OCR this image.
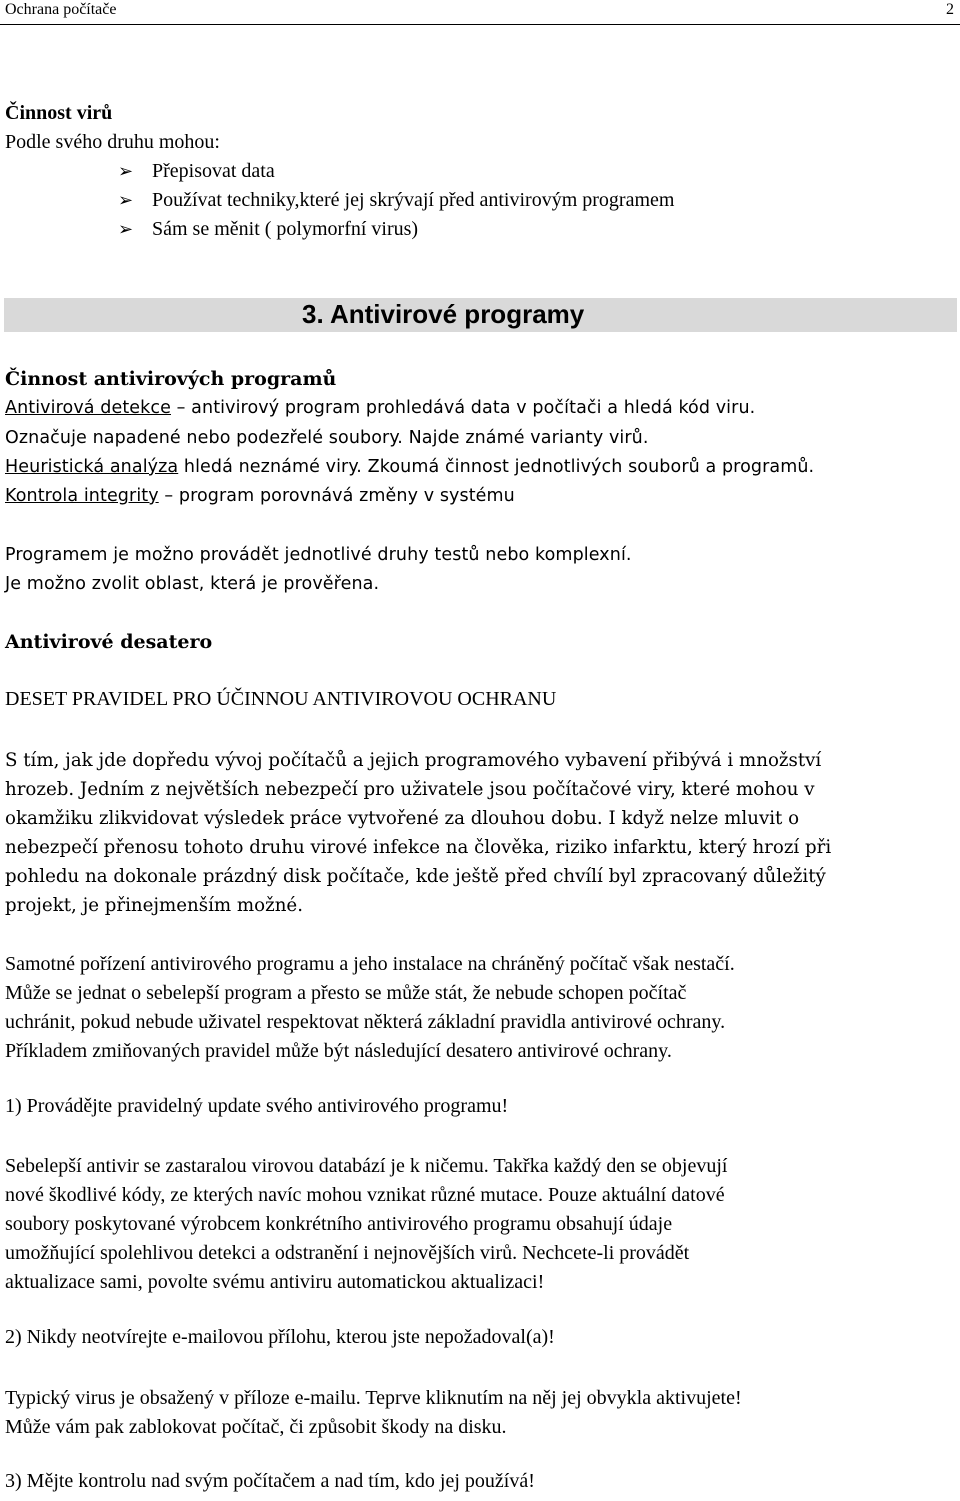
Ochrana počítače	2
Činnost virů
Podle svého druhu mohou:
➢ Přepisovat data
➢ Používat techniky,které jej skrývají před antivirovým programem
➢ Sám se měnit ( polymorfní virus)
3. Antivirové programy
Činnost antivirových programů
Antivirová detekce – antivirový program prohledává data v počítači a hledá kód viru.
Označuje napadené nebo podezřelé soubory. Najde známé varianty virů.
Heuristická analýza hledá neznámé viry. Zkoumá činnost jednotlivých souborů a programů.
Kontrola integrity – program porovnává změny v systému
Programem je možno provádět jednotlivé druhy testů nebo komplexní.
Je možno zvolit oblast, která je prověřena.
Antivirové desatero
DESET PRAVIDEL PRO ÚČINNOU ANTIVIROVOU OCHRANU

S tím, jak jde dopředu vývoj počítačů a jejich programového vybavení přibývá i množství

hrozeb. Jedním z největších nebezpečí pro uživatele jsou počítačové viry, které mohou v

okamžiku zlikvidovat výsledek práce vytvořené za dlouhou dobu. I když nelze mluvit o

nebezpečí přenosu tohoto druhu virové infekce na člověka, riziko infarktu, který hrozí při

pohledu na dokonale prázdný disk počítače, kde ještě před chvílí byl zpracovaný důležitý

projekt, je přinejmenším možné.

Samotné pořízení antivirového programu a jeho instalace na chráněný počítač však nestačí.

Může se jednat o sebelepší program a přesto se může stát, že nebude schopen počítač

uchránit, pokud nebude uživatel respektovat některá základní pravidla antivirové ochrany.

Příkladem zmiňovaných pravidel může být následující desatero antivirové ochrany.

1) Provádějte pravidelný update svého antivirového programu!

Sebelepší antivir se zastaralou virovou databází je k ničemu. Takřka každý den se objevují

nové škodlivé kódy, ze kterých navíc mohou vznikat různé mutace. Pouze aktuální datové

soubory poskytované výrobcem konkrétního antivirového programu obsahují údaje

umožňující spolehlivou detekci a odstranění i nejnovějších virů. Nechcete-li provádět

aktualizace sami, povolte svému antiviru automatickou aktualizaci!

2) Nikdy neotvírejte e-mailovou přílohu, kterou jste nepožadoval(a)!

Typický virus je obsažený v příloze e-mailu. Teprve kliknutím na něj jej obvykla aktivujete!

Může vám pak zablokovat počítač, či způsobit škody na disku.

3) Mějte kontrolu nad svým počítačem a nad tím, kdo jej používá!
